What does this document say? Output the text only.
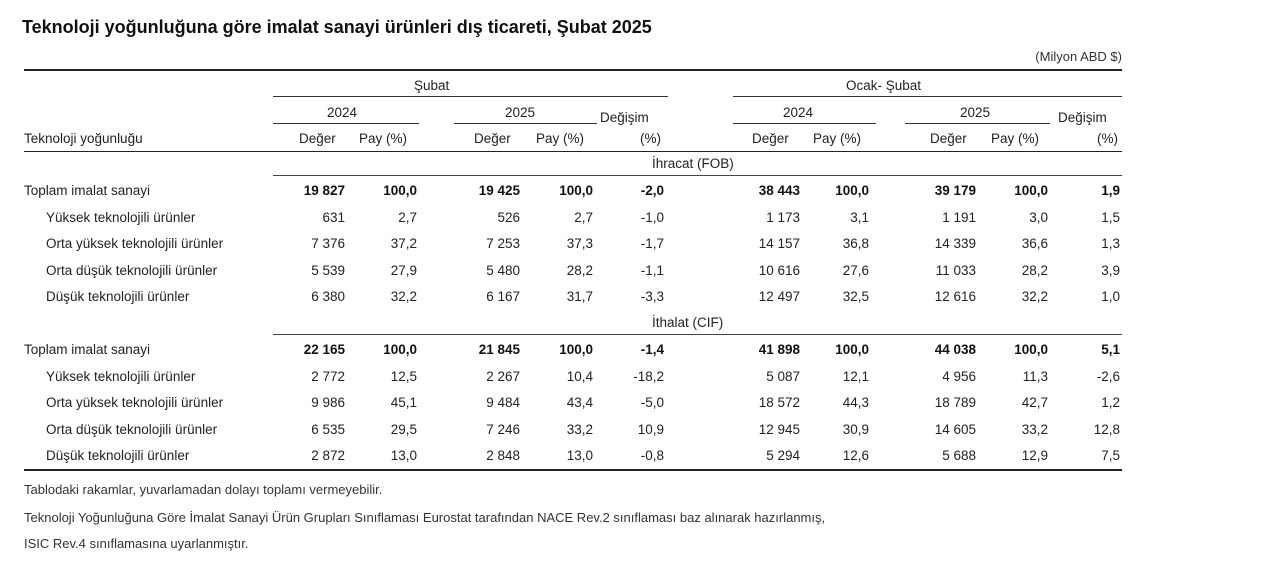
Teknoloji yoğunluğuna göre imalat sanayi ürünleri dış ticareti, Şubat 2025
(Milyon ABD $)
Şubat	Ocak- Şubat
2024	2025	Değişim
(%)
2024	2025	Değişim
(%)
Teknoloji yoğunluğu	Değer Pay (%)	Değer Pay (%)	Değer Pay (%)	Değer Pay (%)
İhracat (FOB)
Toplam imalat sanayi	19 827	100,0	19 425	100,0	-2,0	38 443	100,0	39 179	100,0	1,9
Yüksek teknolojili ürünler	631	2,7	526	2,7	-1,0	1 173	3,1	1 191	3,0	1,5
Orta yüksek teknolojili ürünler	7 376	37,2	7 253	37,3	-1,7	14 157	36,8	14 339	36,6	1,3
Orta düşük teknolojili ürünler	5 539	27,9	5 480	28,2	-1,1	10 616	27,6	11 033	28,2	3,9
Düşük teknolojili ürünler	6 380	32,2	6 167	31,7	-3,3	12 497	32,5	12 616	32,2	1,0
İthalat (CIF)
Toplam imalat sanayi	22 165	100,0	21 845	100,0	-1,4	41 898	100,0	44 038	100,0	5,1
Yüksek teknolojili ürünler	2 772	12,5	2 267	10,4	-18,2	5 087	12,1	4 956	11,3	-2,6
Orta yüksek teknolojili ürünler	9 986	45,1	9 484	43,4	-5,0	18 572	44,3	18 789	42,7	1,2
Orta düşük teknolojili ürünler	6 535	29,5	7 246	33,2	10,9	12 945	30,9	14 605	33,2	12,8
Düşük teknolojili ürünler	2 872	13,0	2 848	13,0	-0,8	5 294	12,6	5 688	12,9	7,5
Tablodaki rakamlar, yuvarlamadan dolayı toplamı vermeyebilir.
Teknoloji Yoğunluğuna Göre İmalat Sanayi Ürün Grupları Sınıflaması Eurostat tarafından NACE Rev.2 sınıflaması baz alınarak hazırlanmış,
ISIC Rev.4 sınıflamasına uyarlanmıştır.
